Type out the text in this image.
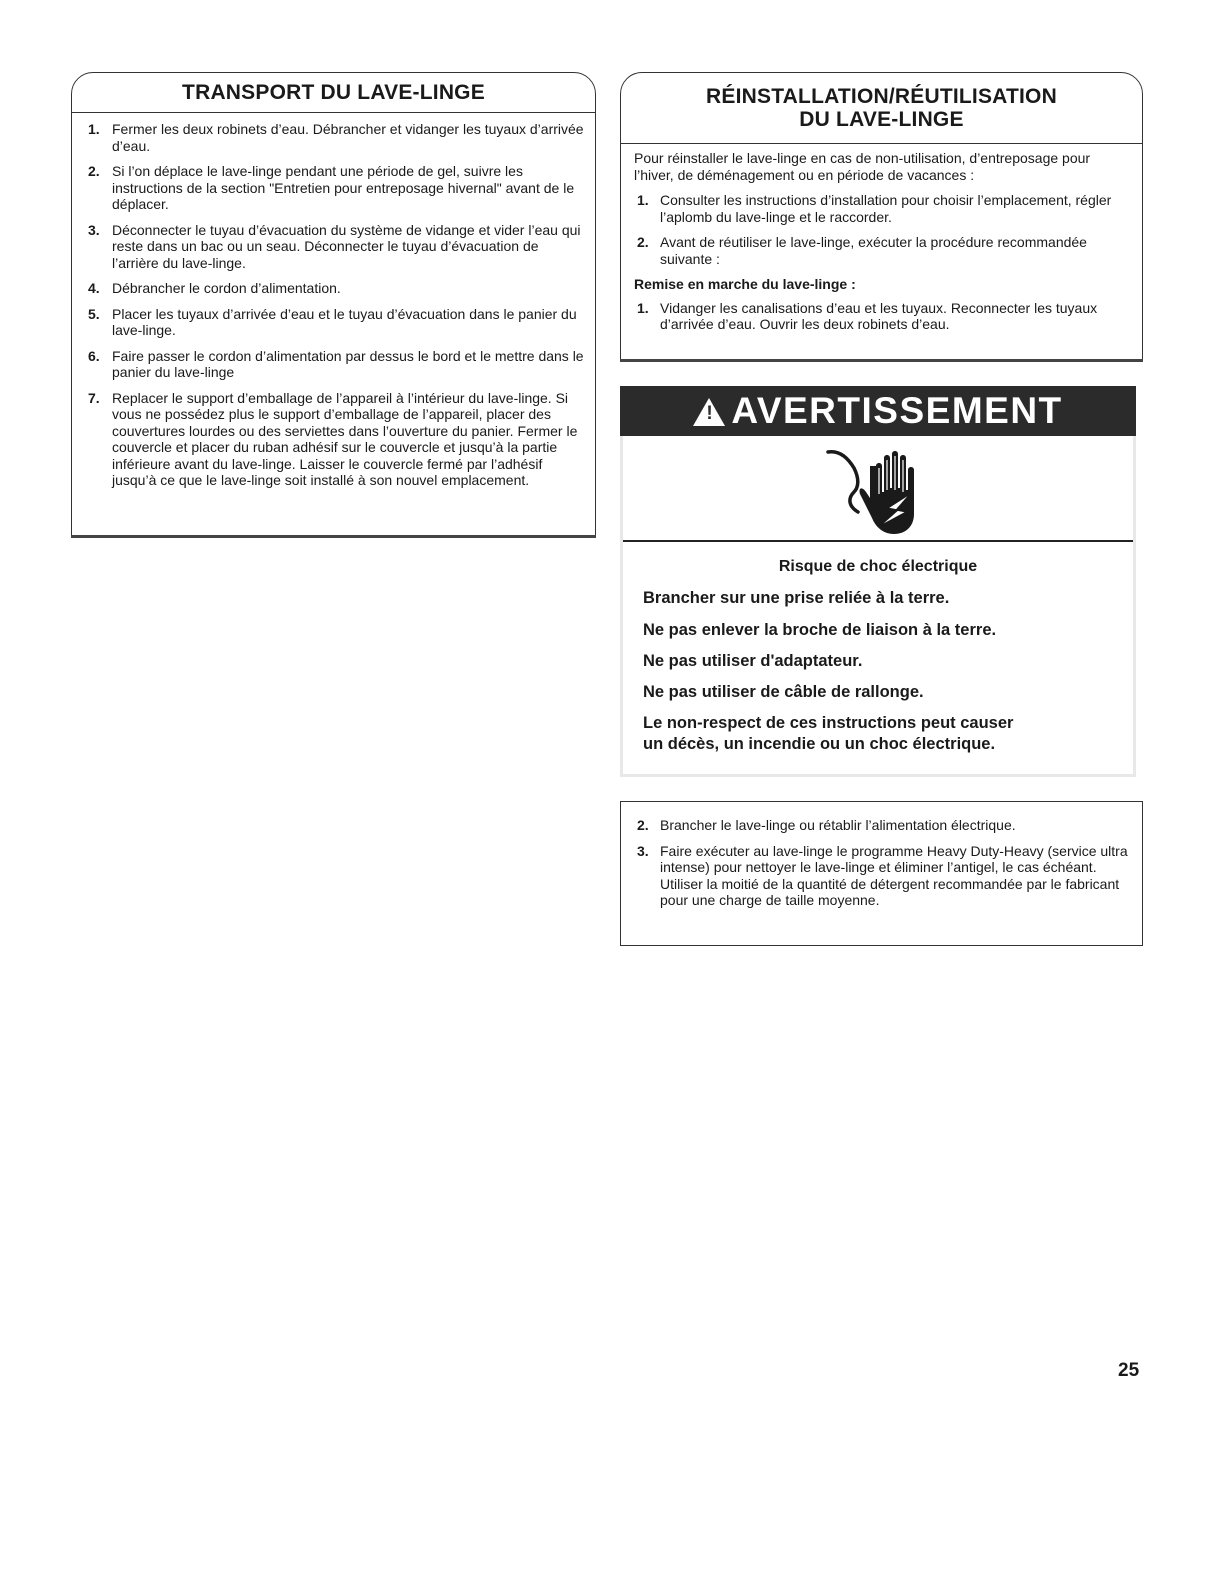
TRANSPORT DU LAVE-LINGE
1. Fermer les deux robinets d’eau. Débrancher et vidanger les tuyaux d’arrivée d’eau.
2. Si l’on déplace le lave-linge pendant une période de gel, suivre les instructions de la section "Entretien pour entreposage hivernal" avant de le déplacer.
3. Déconnecter le tuyau d’évacuation du système de vidange et vider l’eau qui reste dans un bac ou un seau. Déconnecter le tuyau d’évacuation de l’arrière du lave-linge.
4. Débrancher le cordon d’alimentation.
5. Placer les tuyaux d’arrivée d’eau et le tuyau d’évacuation dans le panier du lave-linge.
6. Faire passer le cordon d’alimentation par dessus le bord et le mettre dans le panier du lave-linge
7. Replacer le support d’emballage de l’appareil à l’intérieur du lave-linge. Si vous ne possédez plus le support d’emballage de l’appareil, placer des couvertures lourdes ou des serviettes dans l’ouverture du panier. Fermer le couvercle et placer du ruban adhésif sur le couvercle et jusqu’à la partie inférieure avant du lave-linge. Laisser le couvercle fermé par l’adhésif jusqu’à ce que le lave-linge soit installé à son nouvel emplacement.
RÉINSTALLATION/RÉUTILISATION
DU LAVE-LINGE

Pour réinstaller le lave-linge en cas de non-utilisation, d’entreposage pour l’hiver, de déménagement ou en période de vacances :

1. Consulter les instructions d’installation pour choisir l’emplacement, régler l’aplomb du lave-linge et le raccorder.
2. Avant de réutiliser le lave-linge, exécuter la procédure recommandée suivante :

Remise en marche du lave-linge :

1. Vidanger les canalisations d’eau et les tuyaux. Reconnecter les tuyaux d’arrivée d’eau. Ouvrir les deux robinets d’eau.
!AVERTISSEMENT
Risque de choc électrique
Brancher sur une prise reliée à la terre.
Ne pas enlever la broche de liaison à la terre.
Ne pas utiliser d'adaptateur.
Ne pas utiliser de câble de rallonge.
Le non-respect de ces instructions peut causer
un décès, un incendie ou un choc électrique.
2. Brancher le lave-linge ou rétablir l’alimentation électrique.
3. Faire exécuter au lave-linge le programme Heavy Duty-Heavy (service ultra intense) pour nettoyer le lave-linge et éliminer l’antigel, le cas échéant. Utiliser la moitié de la quantité de détergent recommandée par le fabricant pour une charge de taille moyenne.
25
